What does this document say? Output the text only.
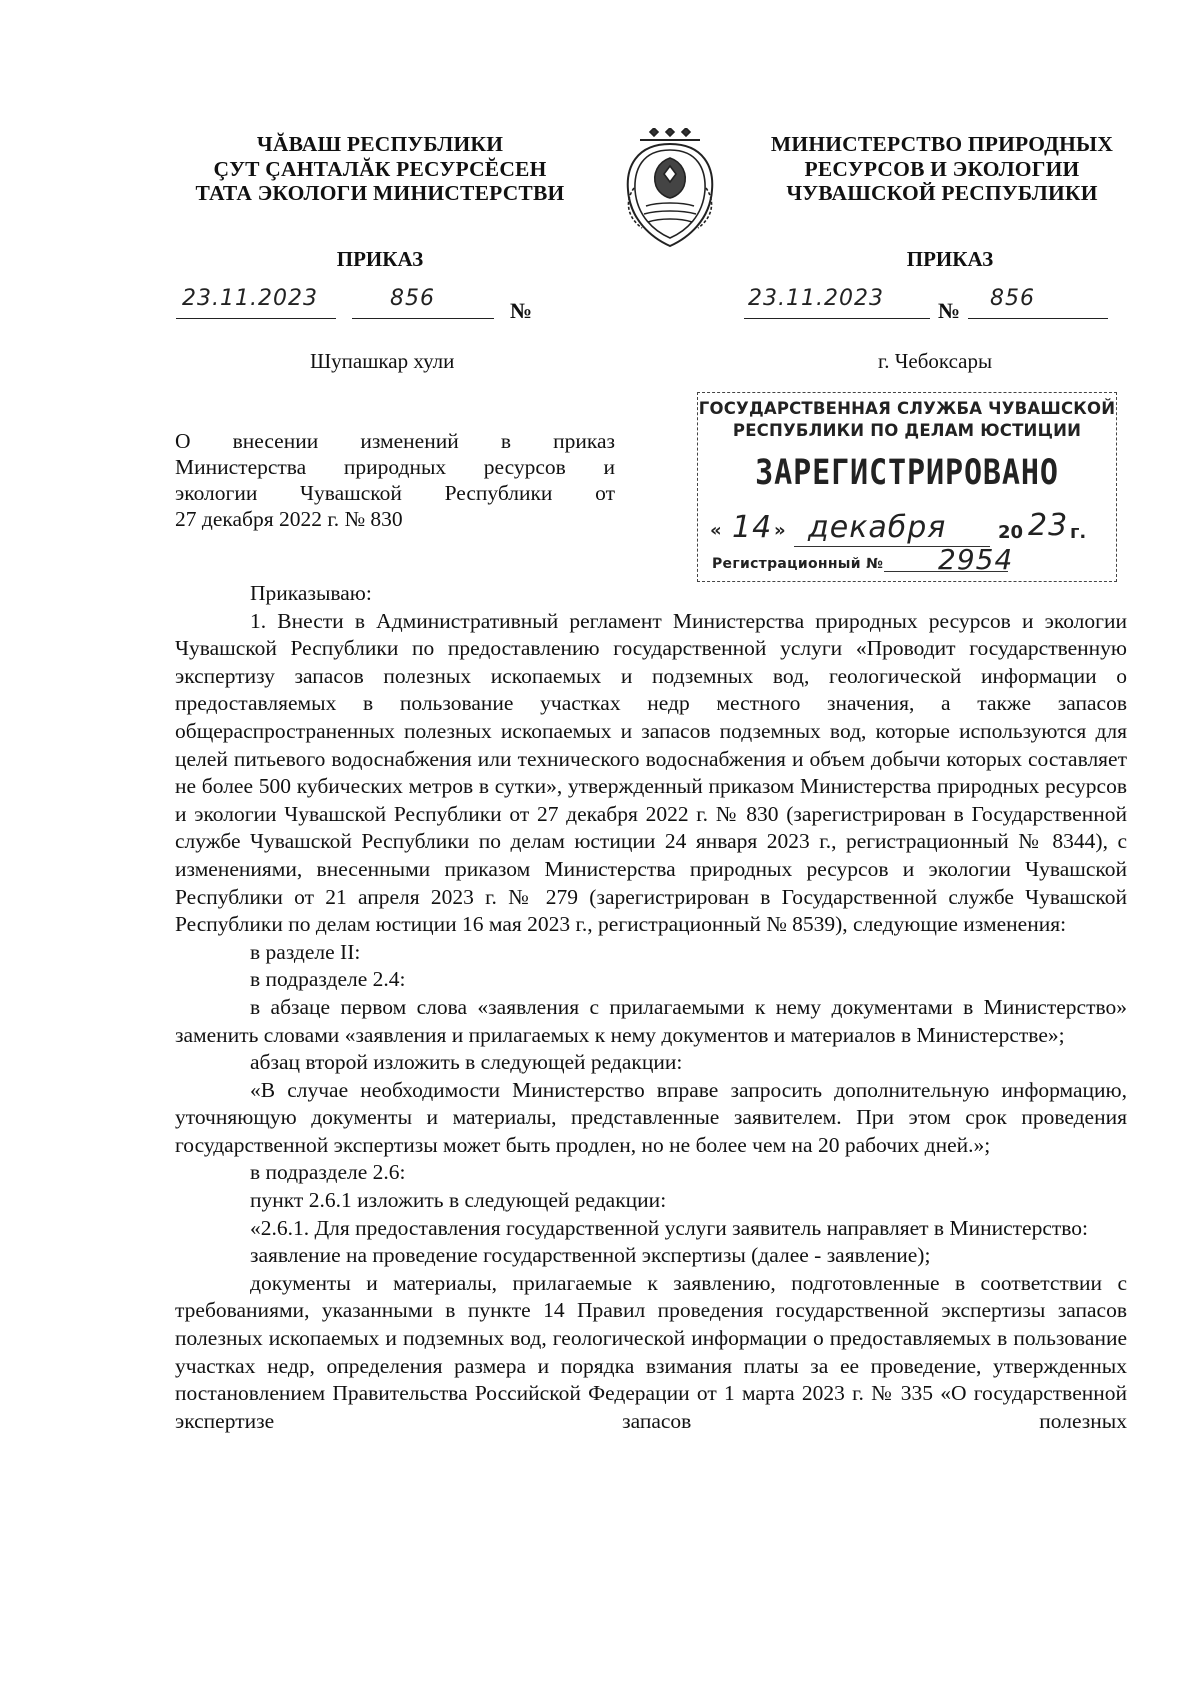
ЧĂВАШ РЕСПУБЛИКИ
ÇУТ ÇАНТАЛĂК РЕСУРСĔСЕН
ТАТА ЭКОЛОГИ МИНИСТЕРСТВИ
МИНИСТЕРСТВО ПРИРОДНЫХ
РЕСУРСОВ И ЭКОЛОГИИ
ЧУВАШСКОЙ РЕСПУБЛИКИ
ПРИКАЗ	ПРИКАЗ
23.11.2023	856	№	23.11.2023 № 856
Шупашкар хули	г. Чебоксары
О внесении изменений в приказ
Министерства природных ресурсов и
экологии Чувашской Республики от
27 декабря 2022 г. № 830
ГОСУДАРСТВЕННАЯ СЛУЖБА ЧУВАШСКОЙ
РЕСПУБЛИКИ ПО ДЕЛАМ ЮСТИЦИИ
ЗАРЕГИСТРИРОВАНО
« 14 » декабря	20 23 г.
Регистрационный № 2954

Приказываю:

1. Внести в Административный регламент Министерства природных ресурсов и экологии Чувашской Республики по предоставлению государственной услуги «Проводит государственную экспертизу запасов полезных ископаемых и подземных вод, геологической информации о предоставляемых в пользование участках недр местного значения, а также запасов общераспространенных полезных ископаемых и запасов подземных вод, которые используются для целей питьевого водоснабжения или технического водоснабжения и объем добычи которых составляет не более 500 кубических метров в сутки», утвержденный приказом Министерства природных ресурсов и экологии Чувашской Республики от 27 декабря 2022 г. № 830 (зарегистрирован в Государственной службе Чувашской Республики по делам юстиции 24 января 2023 г., регистрационный № 8344), с изменениями, внесенными приказом Министерства природных ресурсов и экологии Чувашской Республики от 21 апреля 2023 г. № 279 (зарегистрирован в Государственной службе Чувашской Республики по делам юстиции 16 мая 2023 г., регистрационный № 8539), следующие изменения:

в разделе II:

в подразделе 2.4:

в абзаце первом слова «заявления с прилагаемыми к нему документами в Министерство» заменить словами «заявления и прилагаемых к нему документов и материалов в Министерстве»;

абзац второй изложить в следующей редакции:

«В случае необходимости Министерство вправе запросить дополнительную информацию, уточняющую документы и материалы, представленные заявителем. При этом срок проведения государственной экспертизы может быть продлен, но не более чем на 20 рабочих дней.»;

в подразделе 2.6:

пункт 2.6.1 изложить в следующей редакции:

«2.6.1. Для предоставления государственной услуги заявитель направляет в Министерство:

заявление на проведение государственной экспертизы (далее - заявление);

документы и материалы, прилагаемые к заявлению, подготовленные в соответствии с требованиями, указанными в пункте 14 Правил проведения государственной экспертизы запасов полезных ископаемых и подземных вод, геологической информации о предоставляемых в пользование участках недр, определения размера и порядка взимания платы за ее проведение, утвержденных постановлением Правительства Российской Федерации от 1 марта 2023 г. № 335 «О государственной экспертизе запасов полезных
